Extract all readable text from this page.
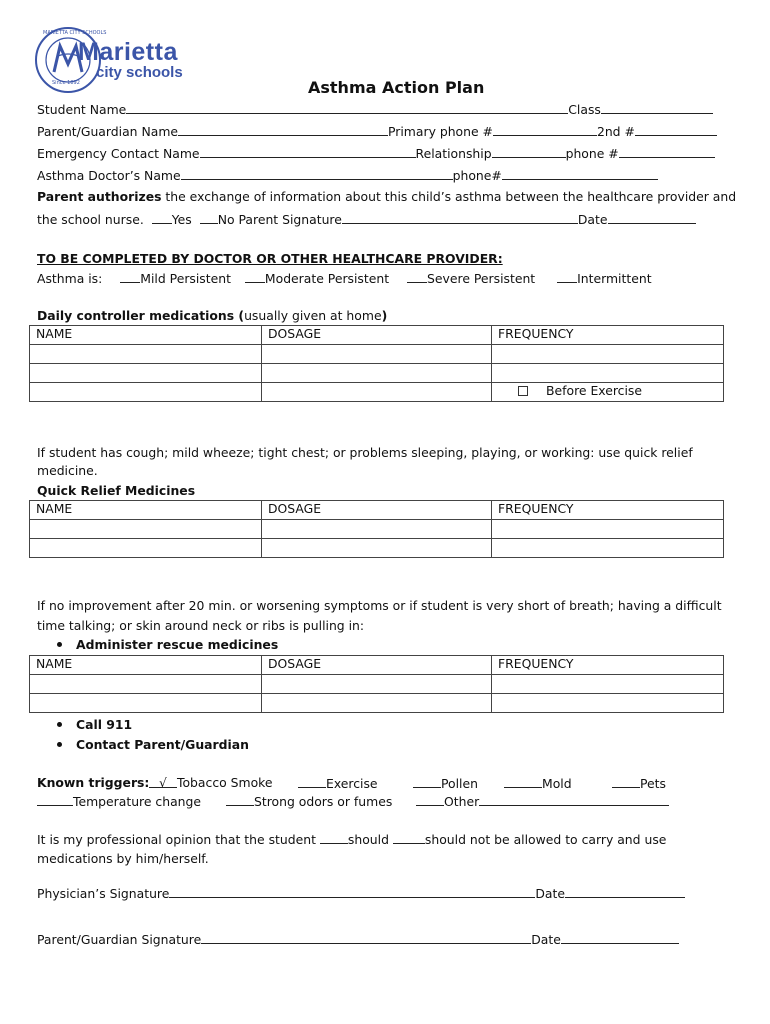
MARIETTA CITY SCHOOLS
Since 1892
Marietta
city schools
Asthma Action Plan
Student Name	Class
Parent/Guardian Name	Primary phone #	2nd #
Emergency Contact Name	Relationship	phone #
Asthma Doctor’s Name	phone#
Parent authorizes the exchange of information about this child’s asthma between the healthcare provider and
the school nurse. Yes No Parent Signature	Date
TO BE COMPLETED BY DOCTOR OR OTHER HEALTHCARE PROVIDER:
Asthma is:	Mild Persistent	Moderate Persistent	Severe Persistent	Intermittent
Daily controller medications (usually given at home)
NAME	DOSAGE	FREQUENCY

		Before Exercise
If student has cough; mild wheeze; tight chest; or problems sleeping, playing, or working: use quick relief
medicine.
Quick Relief Medicines
NAME	DOSAGE	FREQUENCY

If no improvement after 20 min. or worsening symptoms or if student is very short of breath; having a difficult
time talking; or skin around neck or ribs is pulling in:
Administer rescue medicines
NAME	DOSAGE	FREQUENCY

Call 911
Contact Parent/Guardian
Known triggers: √ Tobacco Smoke	Exercise	Pollen	Mold	Pets
Temperature change	Strong odors or fumes	Other
It is my professional opinion that the student	should	should not be allowed to carry and use
medications by him/herself.
Physician’s Signature	Date
Parent/Guardian Signature	Date
